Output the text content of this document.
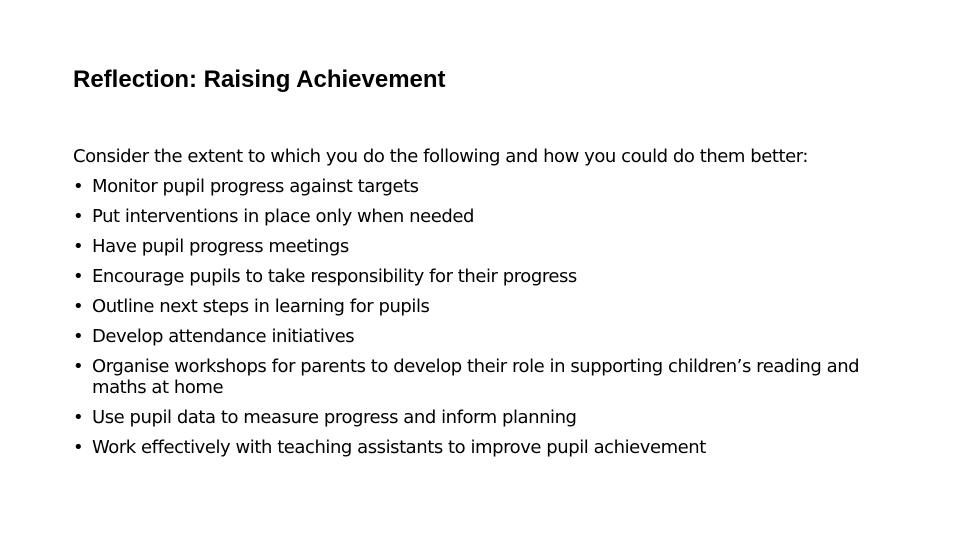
Reflection: Raising Achievement

Consider the extent to which you do the following and how you could do them better:

• Monitor pupil progress against targets
• Put interventions in place only when needed
• Have pupil progress meetings
• Encourage pupils to take responsibility for their progress
• Outline next steps in learning for pupils
• Develop attendance initiatives
• Organise workshops for parents to develop their role in supporting children’s reading and maths at home
• Use pupil data to measure progress and inform planning
• Work effectively with teaching assistants to improve pupil achievement
